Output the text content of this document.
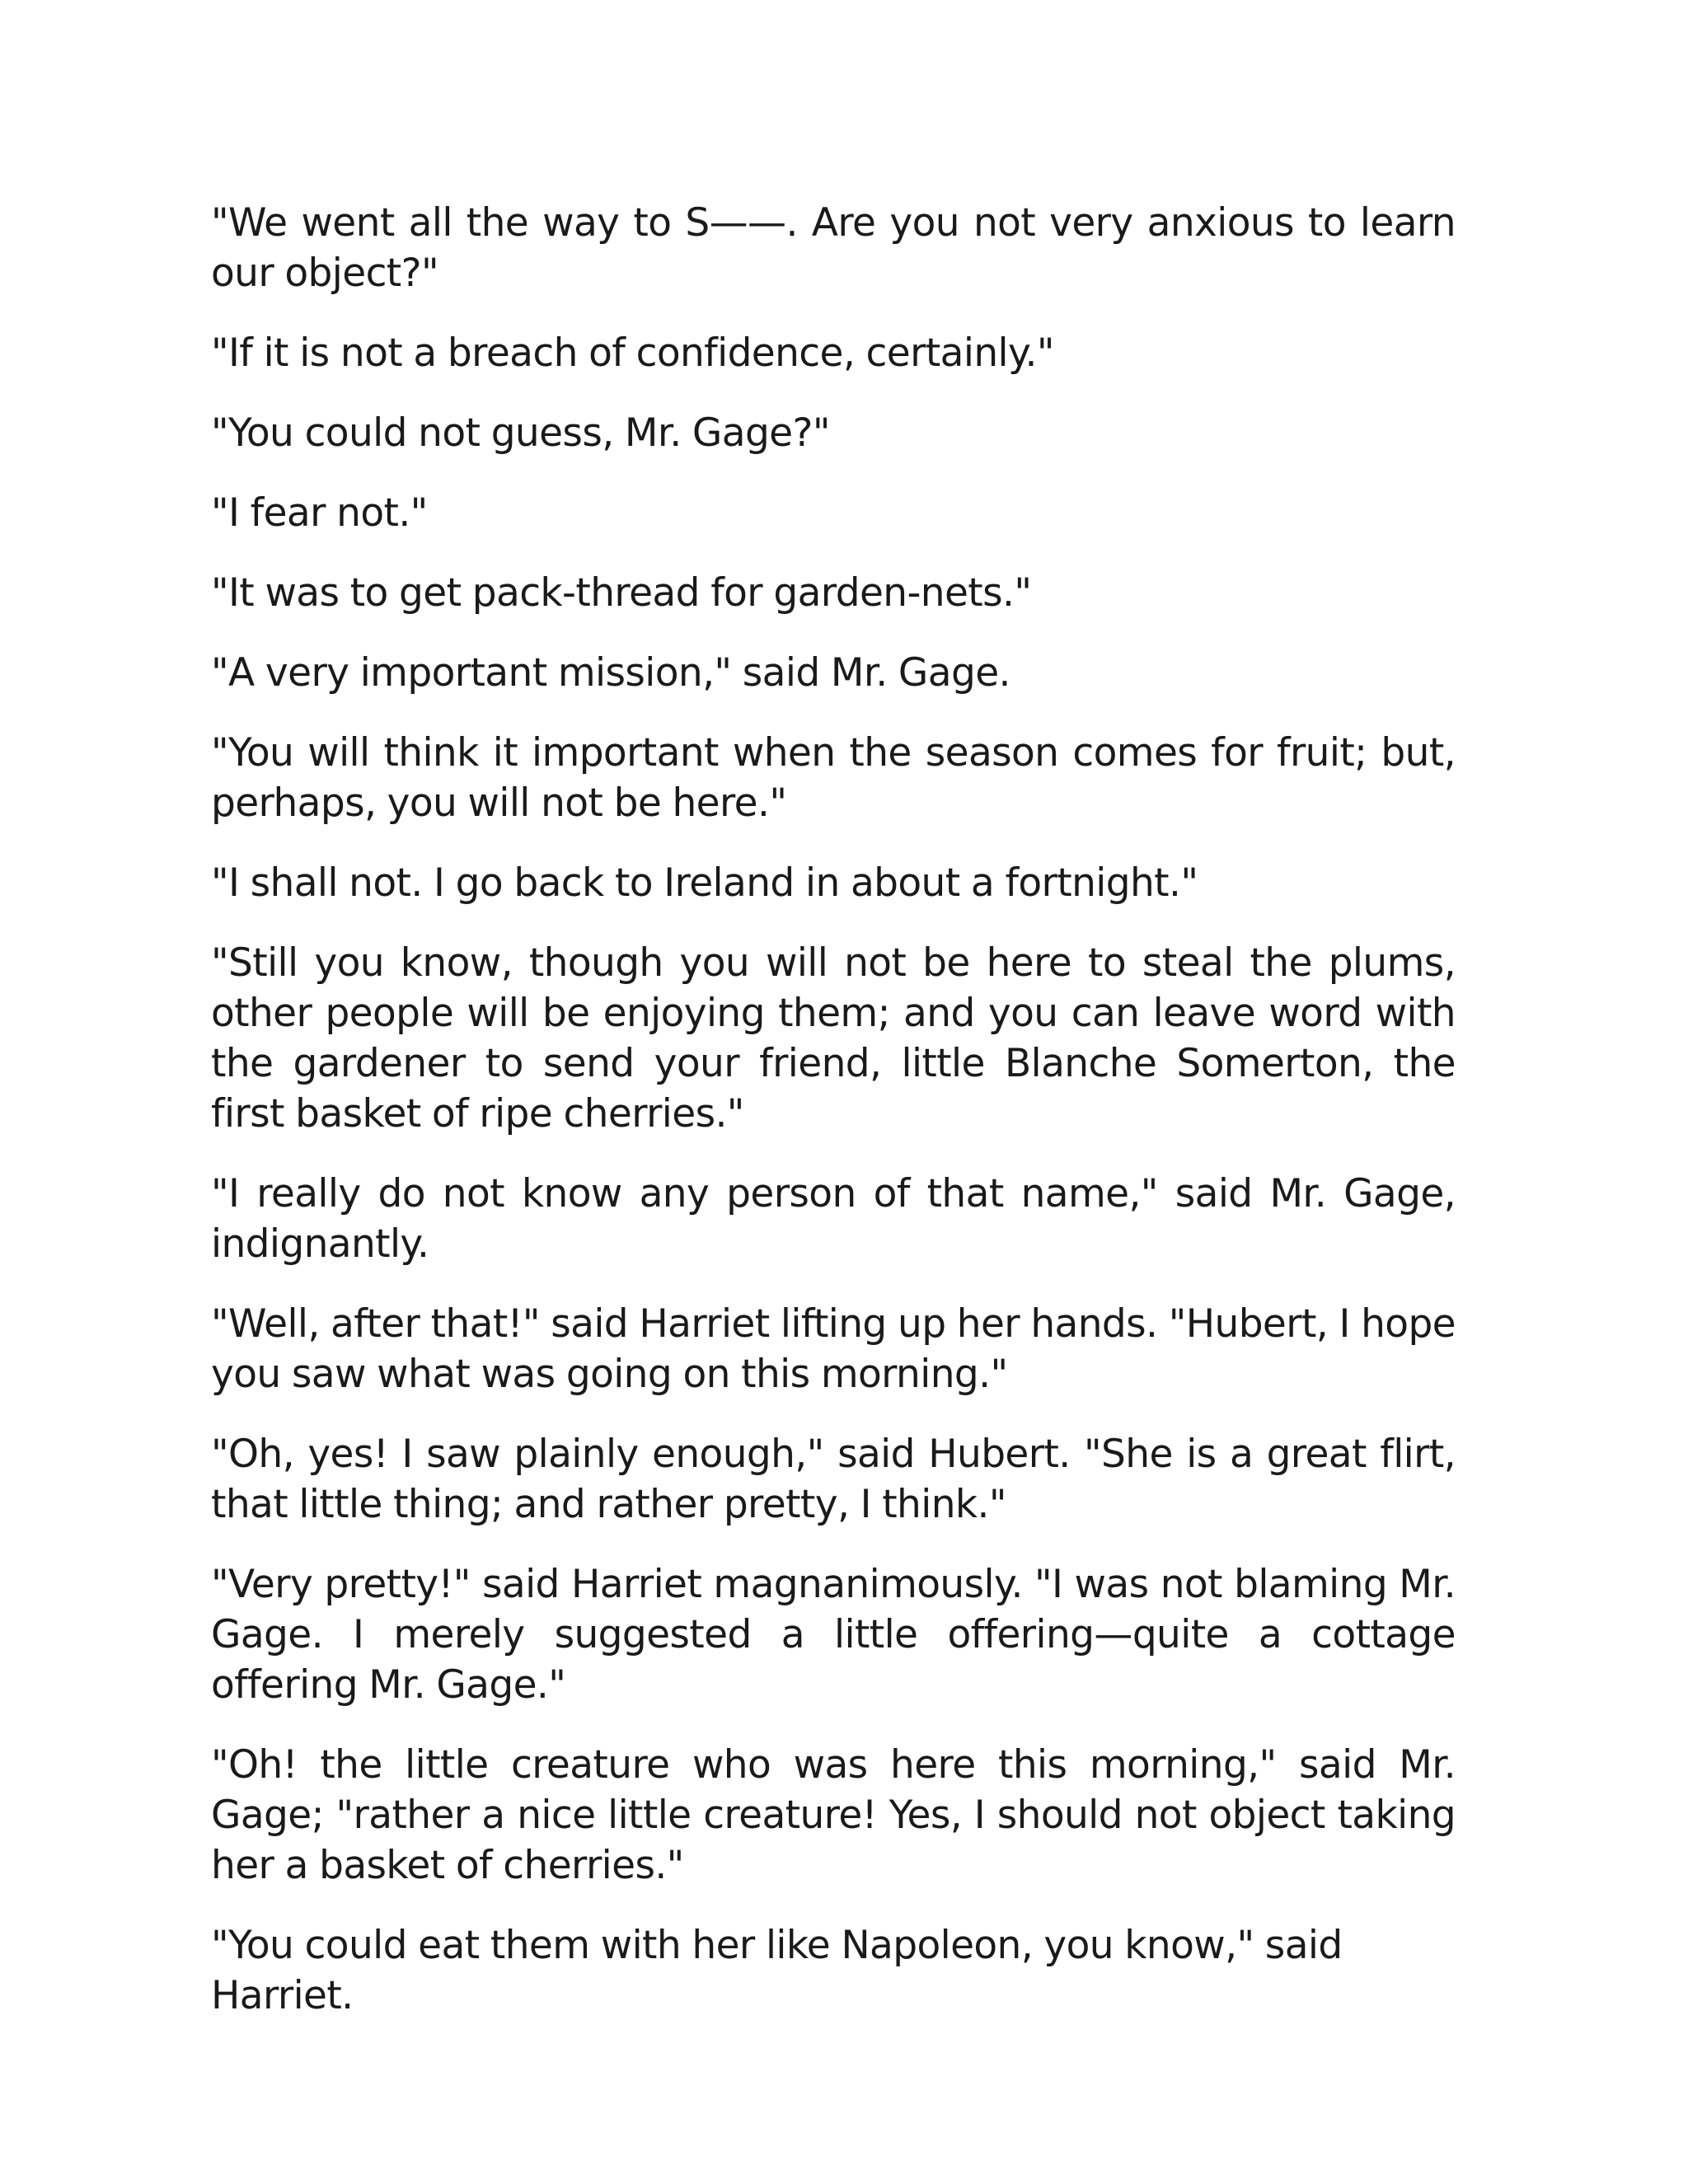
"We went all the way to S——. Are you not very anxious to learn our object?"

"If it is not a breach of confidence, certainly."

"You could not guess, Mr. Gage?"

"I fear not."

"It was to get pack-thread for garden-nets."

"A very important mission," said Mr. Gage.

"You will think it important when the season comes for fruit; but, perhaps, you will not be here."

"I shall not. I go back to Ireland in about a fortnight."

"Still you know, though you will not be here to steal the plums, other people will be enjoying them; and you can leave word with the gardener to send your friend, little Blanche Somerton, the first basket of ripe cherries."

"I really do not know any person of that name," said Mr. Gage, indignantly.

"Well, after that!" said Harriet lifting up her hands. "Hubert, I hope you saw what was going on this morning."

"Oh, yes! I saw plainly enough," said Hubert. "She is a great flirt, that little thing; and rather pretty, I think."

"Very pretty!" said Harriet magnanimously. "I was not blaming Mr. Gage. I merely suggested a little offering—quite a cottage offering Mr. Gage."

"Oh! the little creature who was here this morning," said Mr. Gage; "rather a nice little creature! Yes, I should not object taking her a basket of cherries."

"You could eat them with her like Napoleon, you know," said Harriet.
